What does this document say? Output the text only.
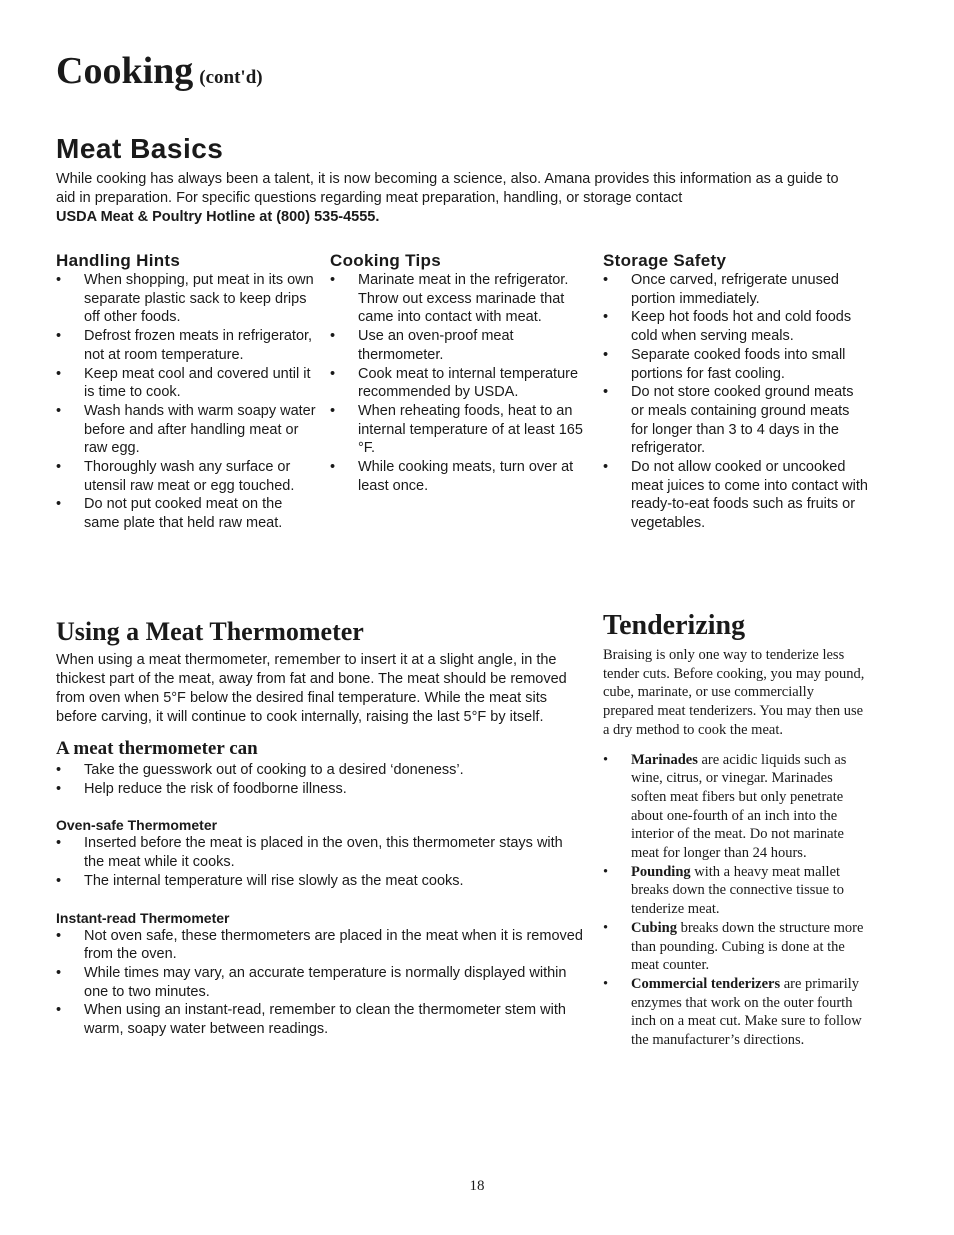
Cooking (cont'd)
Meat Basics
While cooking has always been a talent, it is now becoming a science, also. Amana provides this information as a guide to aid in preparation. For specific questions regarding meat preparation, handling, or storage contact
USDA Meat & Poultry Hotline at (800) 535-4555.
Handling Hints
• When shopping, put meat in its own separate plastic sack to keep drips off other foods.
• Defrost frozen meats in refrigerator, not at room temperature.
• Keep meat cool and covered until it is time to cook.
• Wash hands with warm soapy water before and after handling meat or raw egg.
• Thoroughly wash any surface or utensil raw meat or egg touched.
• Do not put cooked meat on the same plate that held raw meat.
Cooking Tips
• Marinate meat in the refrigerator. Throw out excess marinade that came into contact with meat.
• Use an oven-proof meat thermometer.
• Cook meat to internal temperature recommended by USDA.
• When reheating foods, heat to an internal temperature of at least 165 °F.
• While cooking meats, turn over at least once.
Storage Safety
• Once carved, refrigerate unused portion immediately.
• Keep hot foods hot and cold foods cold when serving meals.
• Separate cooked foods into small portions for fast cooling.
• Do not store cooked ground meats or meals containing ground meats for longer than 3 to 4 days in the refrigerator.
• Do not allow cooked or uncooked meat juices to come into contact with ready-to-eat foods such as fruits or vegetables.
Using a Meat Thermometer

When using a meat thermometer, remember to insert it at a slight angle, in the thickest part of the meat, away from fat and bone. The meat should be removed from oven when 5°F below the desired final temperature. While the meat sits before carving, it will continue to cook internally, raising the last 5°F by itself.

A meat thermometer can
• Take the guesswork out of cooking to a desired ‘doneness’.
• Help reduce the risk of foodborne illness.
Oven-safe Thermometer
• Inserted before the meat is placed in the oven, this thermometer stays with the meat while it cooks.
• The internal temperature will rise slowly as the meat cooks.
Instant-read Thermometer
• Not oven safe, these thermometers are placed in the meat when it is removed from the oven.
• While times may vary, an accurate temperature is normally displayed within one to two minutes.
• When using an instant-read, remember to clean the thermometer stem with warm, soapy water between readings.
Tenderizing

Braising is only one way to tenderize less tender cuts. Before cooking, you may pound, cube, marinate, or use commercially prepared meat tenderizers. You may then use a dry method to cook the meat.

• Marinades are acidic liquids such as wine, citrus, or vinegar. Marinades soften meat fibers but only penetrate about one-fourth of an inch into the interior of the meat. Do not marinate meat for longer than 24 hours.
• Pounding with a heavy meat mallet breaks down the connective tissue to tenderize meat.
• Cubing breaks down the structure more than pounding. Cubing is done at the meat counter.
• Commercial tenderizers are primarily enzymes that work on the outer fourth inch on a meat cut. Make sure to follow the manufacturer’s directions.
18
